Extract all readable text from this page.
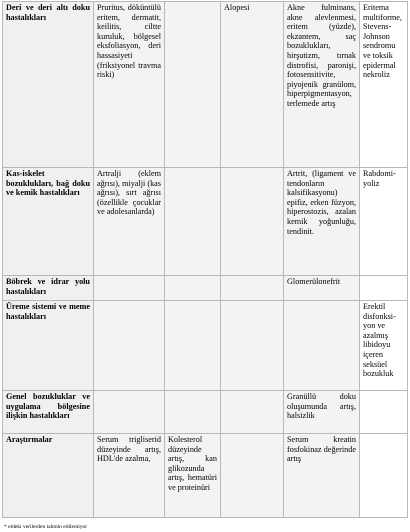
Deri ve deri altı doku hastalıkları	Pruritus, döküntülü eritem, dermatit, keilitis, ciltte kuruluk, bölgesel eksfoliasyon, deri hassasiyeti (friksiyonel travma riski)		Alopesi	Akne fulminans, akne alevlenmesi, eritem (yüzde), ekzantem, saç bozuklukları, hirşutizm, tırnak distrofisi, paronişi, fotosensitivite, piyojenik granülom, hiperpigmentasyon, terlemede artış	Eritema multiforme, Stevens-Johnson sendromu ve toksik epidermal nekroliz
Kas-iskelet bozuklukları, bağ doku ve kemik hastalıkları	Artralji (eklem ağrısı), miyalji (kas ağrısı), sırt ağrısı (özellikle çocuklar ve adolesanlarda)			Artrit, (ligament ve tendonların kalsifikasyonu) epifiz, erken füzyon, hiperostozis, azalan kemik yoğunluğu, tendinit.	Rabdomi-yoliz
Böbrek ve idrar yolu hastalıkları				Glomerülonefrit	
Üreme sistemi ve meme hastalıkları					Erektil disfonksi-yon ve azalmış libidoyu içeren seksüel bozukluk
Genel bozukluklar ve uygulama bölgesine ilişkin hastalıkları				Granüllü doku oluşumunda artış, halsizlik	
Araştırmalar	Serum trigliserid düzeyinde artış, HDL'de azalma,	Kolesterol düzeyinde artış, kan glikozunda artış, hematüri ve proteinüri		Serum kreatin fosfokinaz değerinde artış	
* eldeki verilerden tahmin edilemiyor
